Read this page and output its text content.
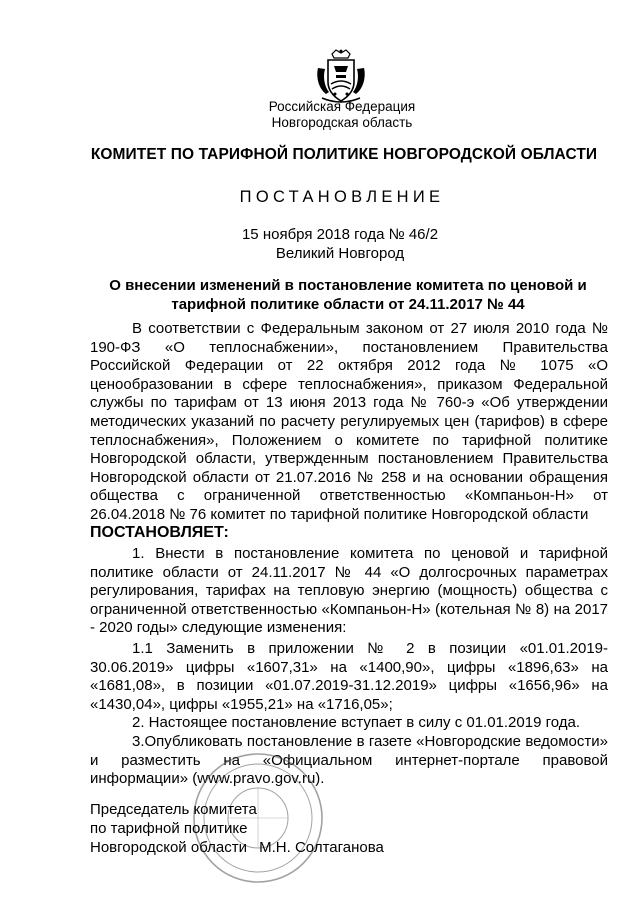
Российская Федерация
Новгородская область
КОМИТЕТ ПО ТАРИФНОЙ ПОЛИТИКЕ НОВГОРОДСКОЙ ОБЛАСТИ
ПОСТАНОВЛЕНИЕ
15 ноября 2018 года № 46/2
Великий Новгород
О внесении изменений в постановление комитета по ценовой и тарифной политике области от 24.11.2017 № 44
В соответствии с Федеральным законом от 27 июля 2010 года № 190-ФЗ «О теплоснабжении», постановлением Правительства Российской Федерации от 22 октября 2012 года № 1075 «О ценообразовании в сфере теплоснабжения», приказом Федеральной службы по тарифам от 13 июня 2013 года № 760-э «Об утверждении методических указаний по расчету регулируемых цен (тарифов) в сфере теплоснабжения», Положением о комитете по тарифной политике Новгородской области, утвержденным постановлением Правительства Новгородской области от 21.07.2016 № 258 и на основании обращения общества с ограниченной ответственностью «Компаньон-Н» от 26.04.2018 № 76 комитет по тарифной политике Новгородской области
ПОСТАНОВЛЯЕТ:
1. Внести в постановление комитета по ценовой и тарифной политике области от 24.11.2017 № 44 «О долгосрочных параметрах регулирования, тарифах на тепловую энергию (мощность) общества с ограниченной ответственностью «Компаньон-Н» (котельная № 8) на 2017 - 2020 годы» следующие изменения:
1.1 Заменить в приложении № 2 в позиции «01.01.2019-30.06.2019» цифры «1607,31» на «1400,90», цифры «1896,63» на «1681,08», в позиции «01.07.2019-31.12.2019» цифры «1656,96» на «1430,04», цифры «1955,21» на «1716,05»;
2. Настоящее постановление вступает в силу с 01.01.2019 года.
3.Опубликовать постановление в газете «Новгородские ведомости» и разместить на «Официальном интернет-портале правовой информации» (www.pravo.gov.ru).
Председатель комитета
по тарифной политике
Новгородской области М.Н. Солтаганова
